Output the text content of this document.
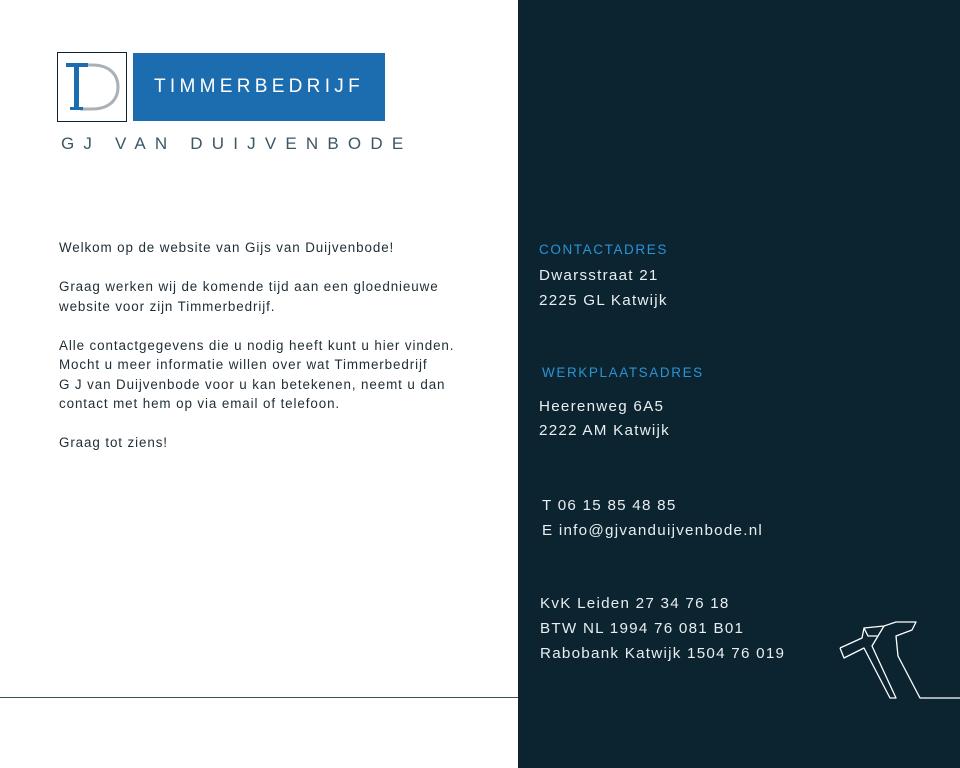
TIMMERBEDRIJF
GJ VAN DUIJVENBODE

Welkom op de website van Gijs van Duijvenbode!

Graag werken wij de komende tijd aan een gloednieuwe
website voor zijn Timmerbedrijf.

Alle contactgegevens die u nodig heeft kunt u hier vinden.
Mocht u meer informatie willen over wat Timmerbedrijf
G J van Duijvenbode voor u kan betekenen, neemt u dan
contact met hem op via email of telefoon.

Graag tot ziens!

CONTACTADRES
Dwarsstraat 21
2225 GL Katwijk
WERKPLAATSADRES
Heerenweg 6A5
2222 AM Katwijk
T 06 15 85 48 85
E info@gjvanduijvenbode.nl
KvK Leiden 27 34 76 18
BTW NL 1994 76 081 B01
Rabobank Katwijk 1504 76 019
